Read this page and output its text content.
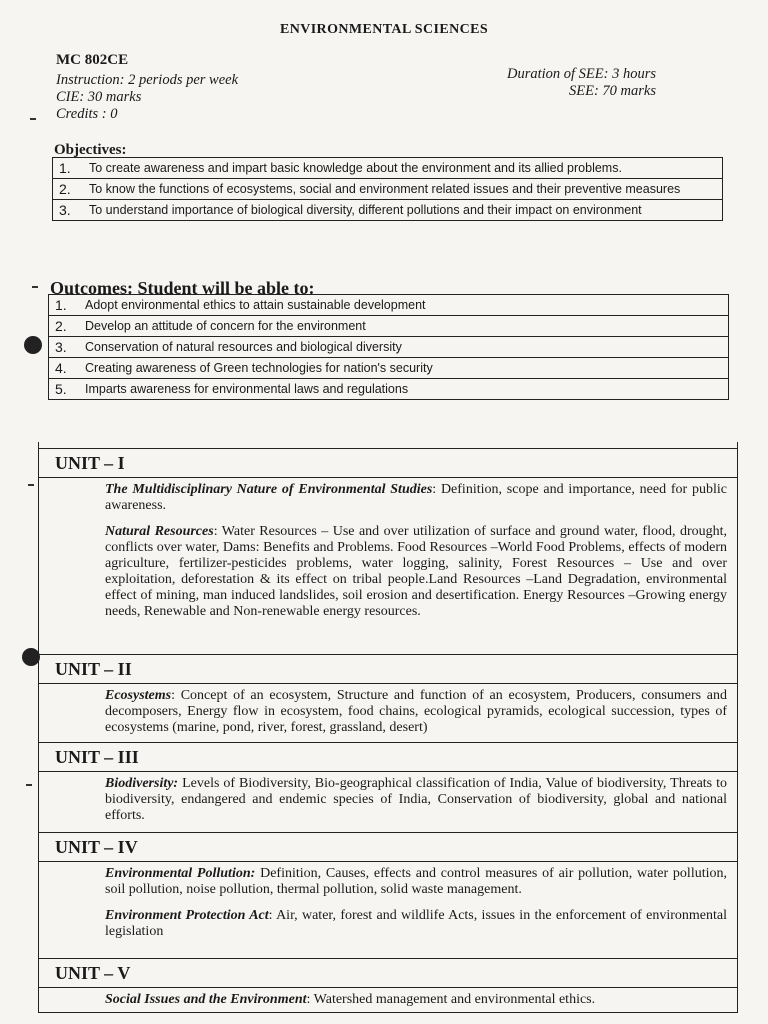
ENVIRONMENTAL SCIENCES
MC 802CE
Instruction: 2 periods per week
CIE: 30 marks
Credits : 0
Duration of SEE: 3 hours
SEE: 70 marks
Objectives:
1.	To create awareness and impart basic knowledge about the environment and its allied problems.
2.	To know the functions of ecosystems, social and environment related issues and their preventive measures
3.	To understand importance of biological diversity, different pollutions and their impact on environment
Outcomes: Student will be able to:
1.	Adopt environmental ethics to attain sustainable development
2.	Develop an attitude of concern for the environment
3.	Conservation of natural resources and biological diversity
4.	Creating awareness of Green technologies for nation's security
5.	Imparts awareness for environmental laws and regulations
UNIT – I

The Multidisciplinary Nature of Environmental Studies: Definition, scope and importance, need for public awareness.

Natural Resources: Water Resources – Use and over utilization of surface and ground water, flood, drought, conflicts over water, Dams: Benefits and Problems. Food Resources –World Food Problems, effects of modern agriculture, fertilizer-pesticides problems, water logging, salinity, Forest Resources – Use and over exploitation, deforestation & its effect on tribal people.Land Resources –Land Degradation, environmental effect of mining, man induced landslides, soil erosion and desertification. Energy Resources –Growing energy needs, Renewable and Non-renewable energy resources.

UNIT – II

Ecosystems: Concept of an ecosystem, Structure and function of an ecosystem, Producers, consumers and decomposers, Energy flow in ecosystem, food chains, ecological pyramids, ecological succession, types of ecosystems (marine, pond, river, forest, grassland, desert)

UNIT – III

Biodiversity: Levels of Biodiversity, Bio-geographical classification of India, Value of biodiversity, Threats to biodiversity, endangered and endemic species of India, Conservation of biodiversity, global and national efforts.

UNIT – IV

Environmental Pollution: Definition, Causes, effects and control measures of air pollution, water pollution, soil pollution, noise pollution, thermal pollution, solid waste management.

Environment Protection Act: Air, water, forest and wildlife Acts, issues in the enforcement of environmental legislation

UNIT – V

Social Issues and the Environment: Watershed management and environmental ethics.
